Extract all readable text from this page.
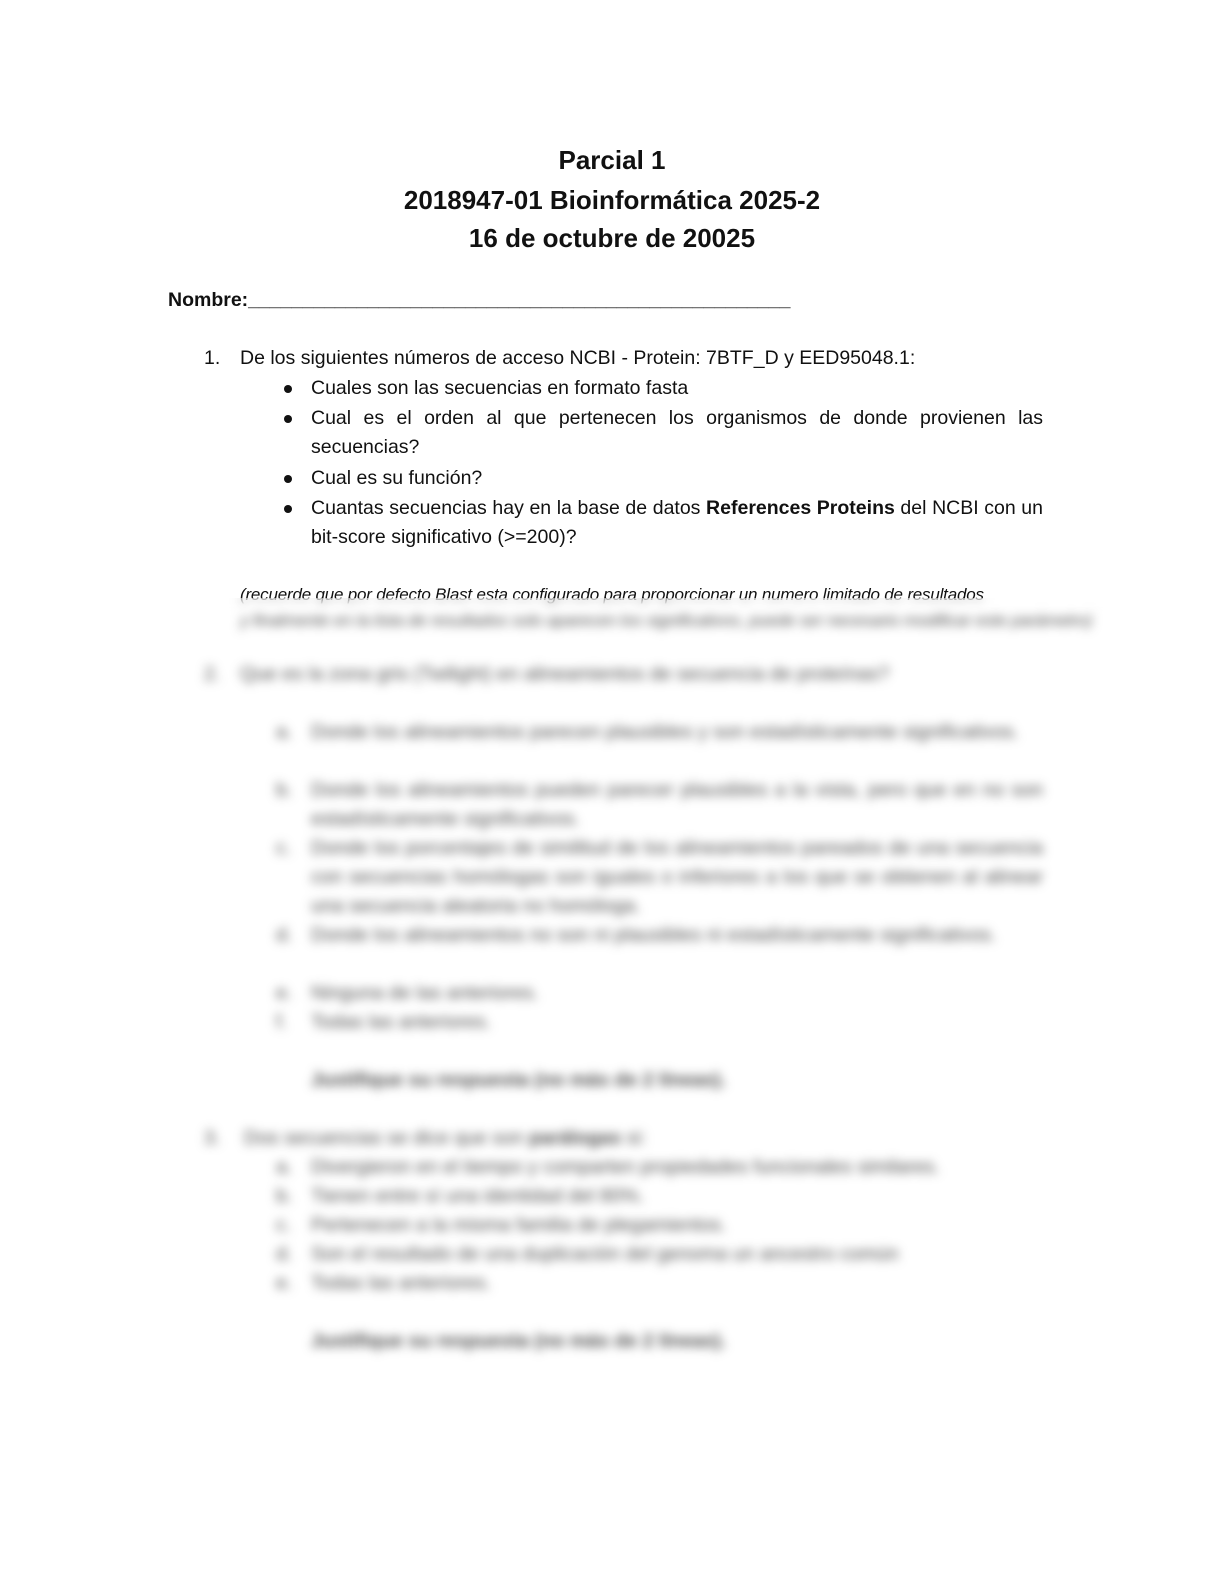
Parcial 1
2018947-01 Bioinformática 2025-2
16 de octubre de 20025
Nombre:__________________________________________________
1. De los siguientes números de acceso NCBI - Protein: 7BTF_D y EED95048.1:
Cuales son las secuencias en formato fasta
Cual es el orden al que pertenecen los organismos de donde provienen las secuencias?
Cual es su función?
Cuantas secuencias hay en la base de datos References Proteins del NCBI con un bit-score significativo (>=200)?
(recuerde que por defecto Blast esta configurado para proporcionar un numero limitado de resultados
y finalmente en la lista de resultados solo aparecen los significativos, puede ser necesario modificar este parámetro)
2. Que es la zona gris (Twilight) en alineamientos de secuencia de proteínas?
a. Donde los alineamientos parecen plausibles y son estadísticamente significativos.
b. Donde los alineamientos pueden parecer plausibles a la vista, pero que en no son estadísticamente significativos.
c. Donde los porcentajes de similitud de los alineamientos pareados de una secuencia con secuencias homólogas son iguales o inferiores a los que se obtienen al alinear una secuencia aleatoria no homóloga.
d. Donde los alineamientos no son ni plausibles ni estadísticamente significativos.
e. Ninguna de las anteriores.
f. Todas las anteriores.
Justifique su respuesta (no más de 2 líneas).
3. Dos secuencias se dice que son parálogas si:
a. Divergieron en el tiempo y comparten propiedades funcionales similares.
b. Tienen entre sí una identidad del 80%.
c. Pertenecen a la misma familia de plegamientos.
d. Son el resultado de una duplicación del genoma un ancestro común
e. Todas las anteriores.
Justifique su respuesta (no más de 2 líneas).
